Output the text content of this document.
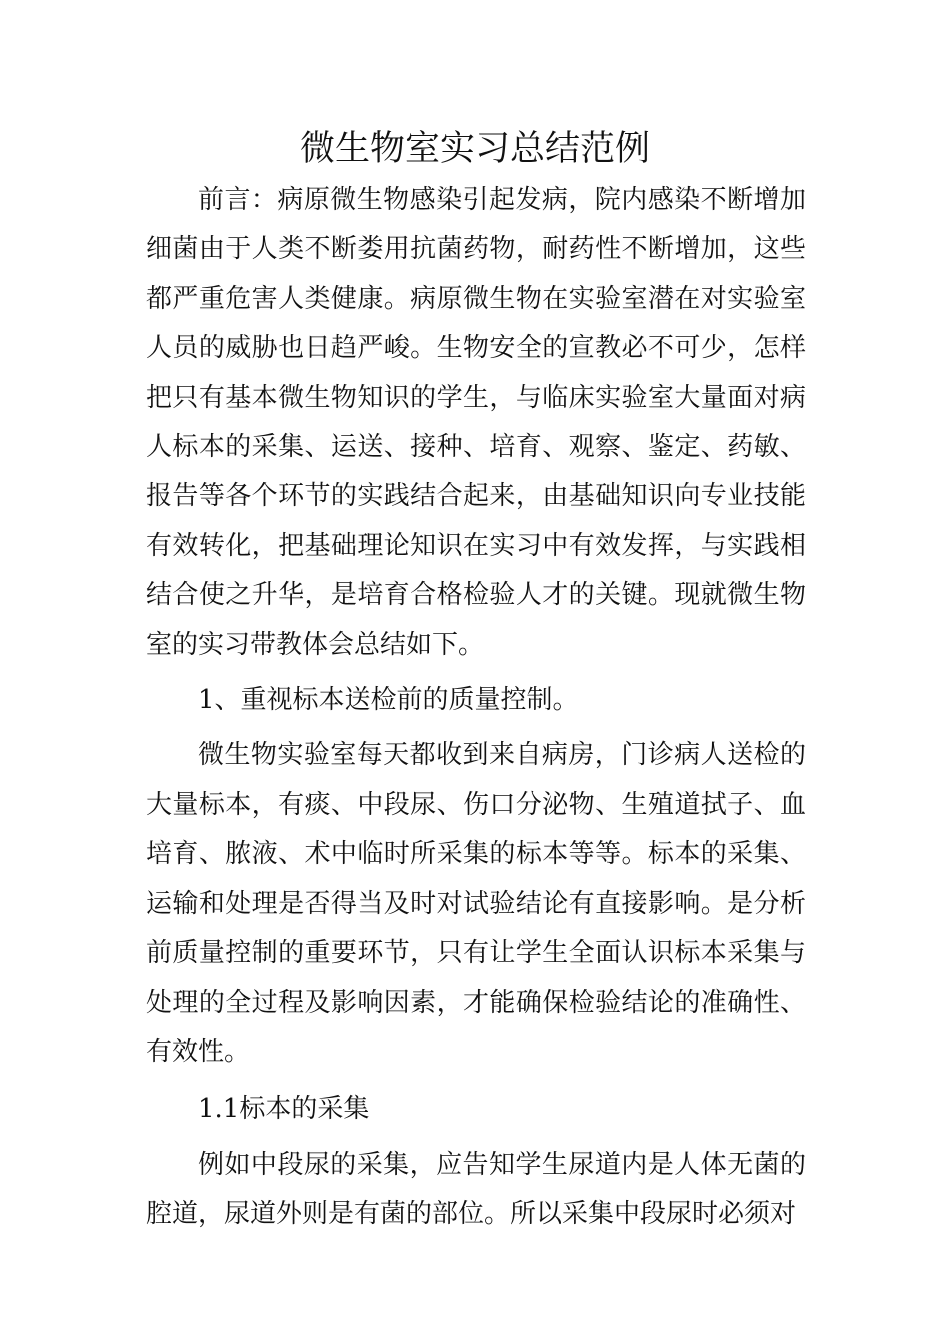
微生物室实习总结范例

前言：病原微生物感染引起发病，院内感染不断增加细菌由于人类不断娄用抗菌药物，耐药性不断增加，这些都严重危害人类健康。病原微生物在实验室潜在对实验室人员的威胁也日趋严峻。生物安全的宣教必不可少，怎样把只有基本微生物知识的学生，与临床实验室大量面对病人标本的采集、运送、接种、培育、观察、鉴定、药敏、报告等各个环节的实践结合起来，由基础知识向专业技能有效转化，把基础理论知识在实习中有效发挥，与实践相结合使之升华，是培育合格检验人才的关键。现就微生物室的实习带教体会总结如下。

1、重视标本送检前的质量控制。

微生物实验室每天都收到来自病房，门诊病人送检的大量标本，有痰、中段尿、伤口分泌物、生殖道拭子、血培育、脓液、术中临时所采集的标本等等。标本的采集、运输和处理是否得当及时对试验结论有直接影响。是分析前质量控制的重要环节，只有让学生全面认识标本采集与处理的全过程及影响因素，才能确保检验结论的准确性、有效性。

1.1标本的采集

例如中段尿的采集，应告知学生尿道内是人体无菌的腔道，尿道外则是有菌的部位。所以采集中段尿时必须对
